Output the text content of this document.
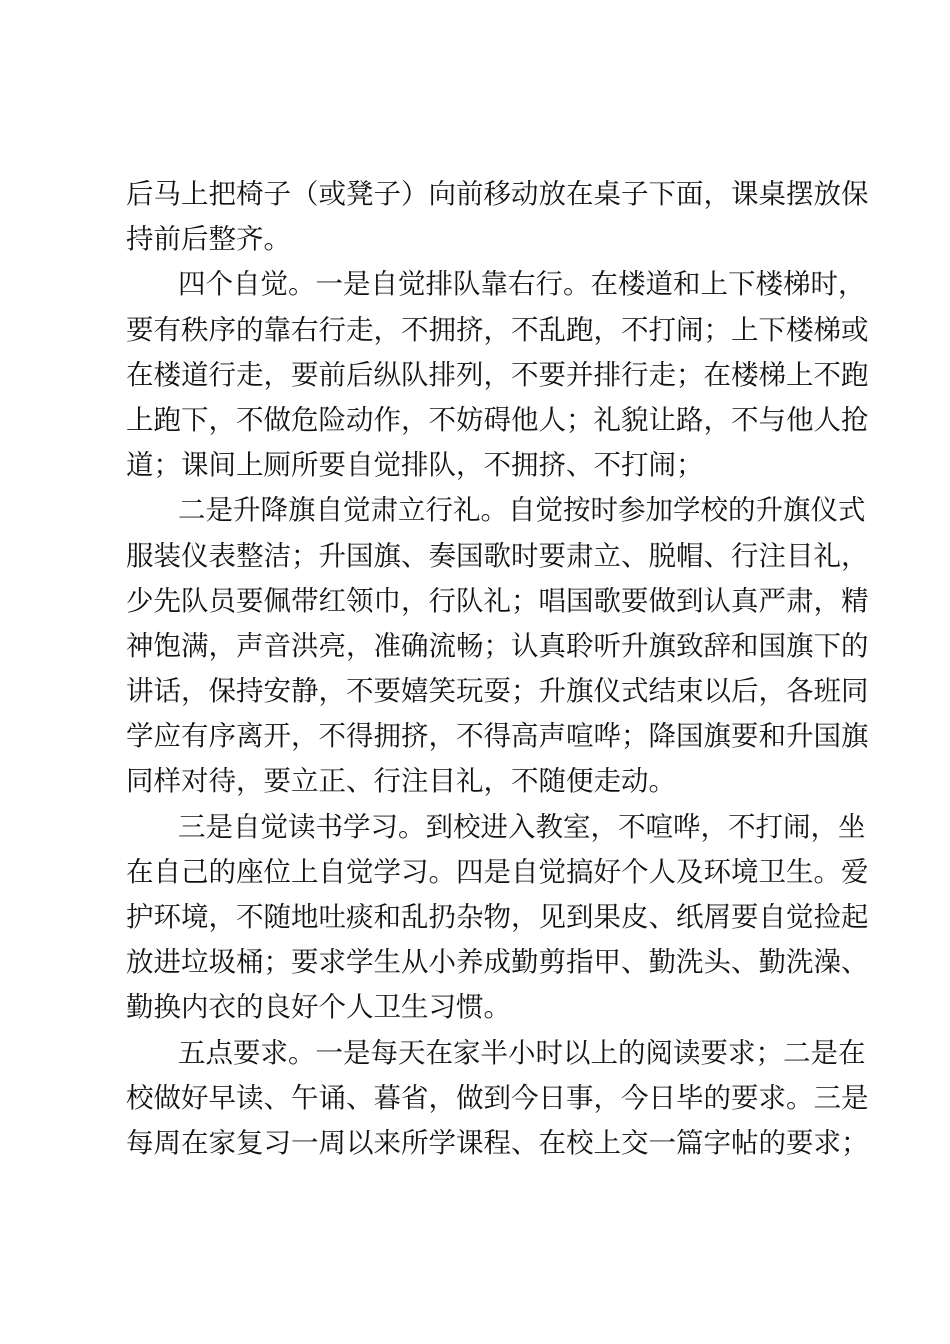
后马上把椅子（或凳子）向前移动放在桌子下面，课桌摆放保
持前后整齐。
四个自觉。一是自觉排队靠右行。在楼道和上下楼梯时，
要有秩序的靠右行走，不拥挤，不乱跑，不打闹；上下楼梯或
在楼道行走，要前后纵队排列，不要并排行走；在楼梯上不跑
上跑下，不做危险动作，不妨碍他人；礼貌让路，不与他人抢
道；课间上厕所要自觉排队，不拥挤、不打闹；
二是升降旗自觉肃立行礼。自觉按时参加学校的升旗仪式
服装仪表整洁；升国旗、奏国歌时要肃立、脱帽、行注目礼，
少先队员要佩带红领巾，行队礼；唱国歌要做到认真严肃，精
神饱满，声音洪亮，准确流畅；认真聆听升旗致辞和国旗下的
讲话，保持安静，不要嬉笑玩耍；升旗仪式结束以后，各班同
学应有序离开，不得拥挤，不得高声喧哗；降国旗要和升国旗
同样对待，要立正、行注目礼，不随便走动。
三是自觉读书学习。到校进入教室，不喧哗，不打闹，坐
在自己的座位上自觉学习。四是自觉搞好个人及环境卫生。爱
护环境，不随地吐痰和乱扔杂物，见到果皮、纸屑要自觉捡起
放进垃圾桶；要求学生从小养成勤剪指甲、勤洗头、勤洗澡、
勤换内衣的良好个人卫生习惯。
五点要求。一是每天在家半小时以上的阅读要求；二是在
校做好早读、午诵、暮省，做到今日事，今日毕的要求。三是
每周在家复习一周以来所学课程、在校上交一篇字帖的要求；
